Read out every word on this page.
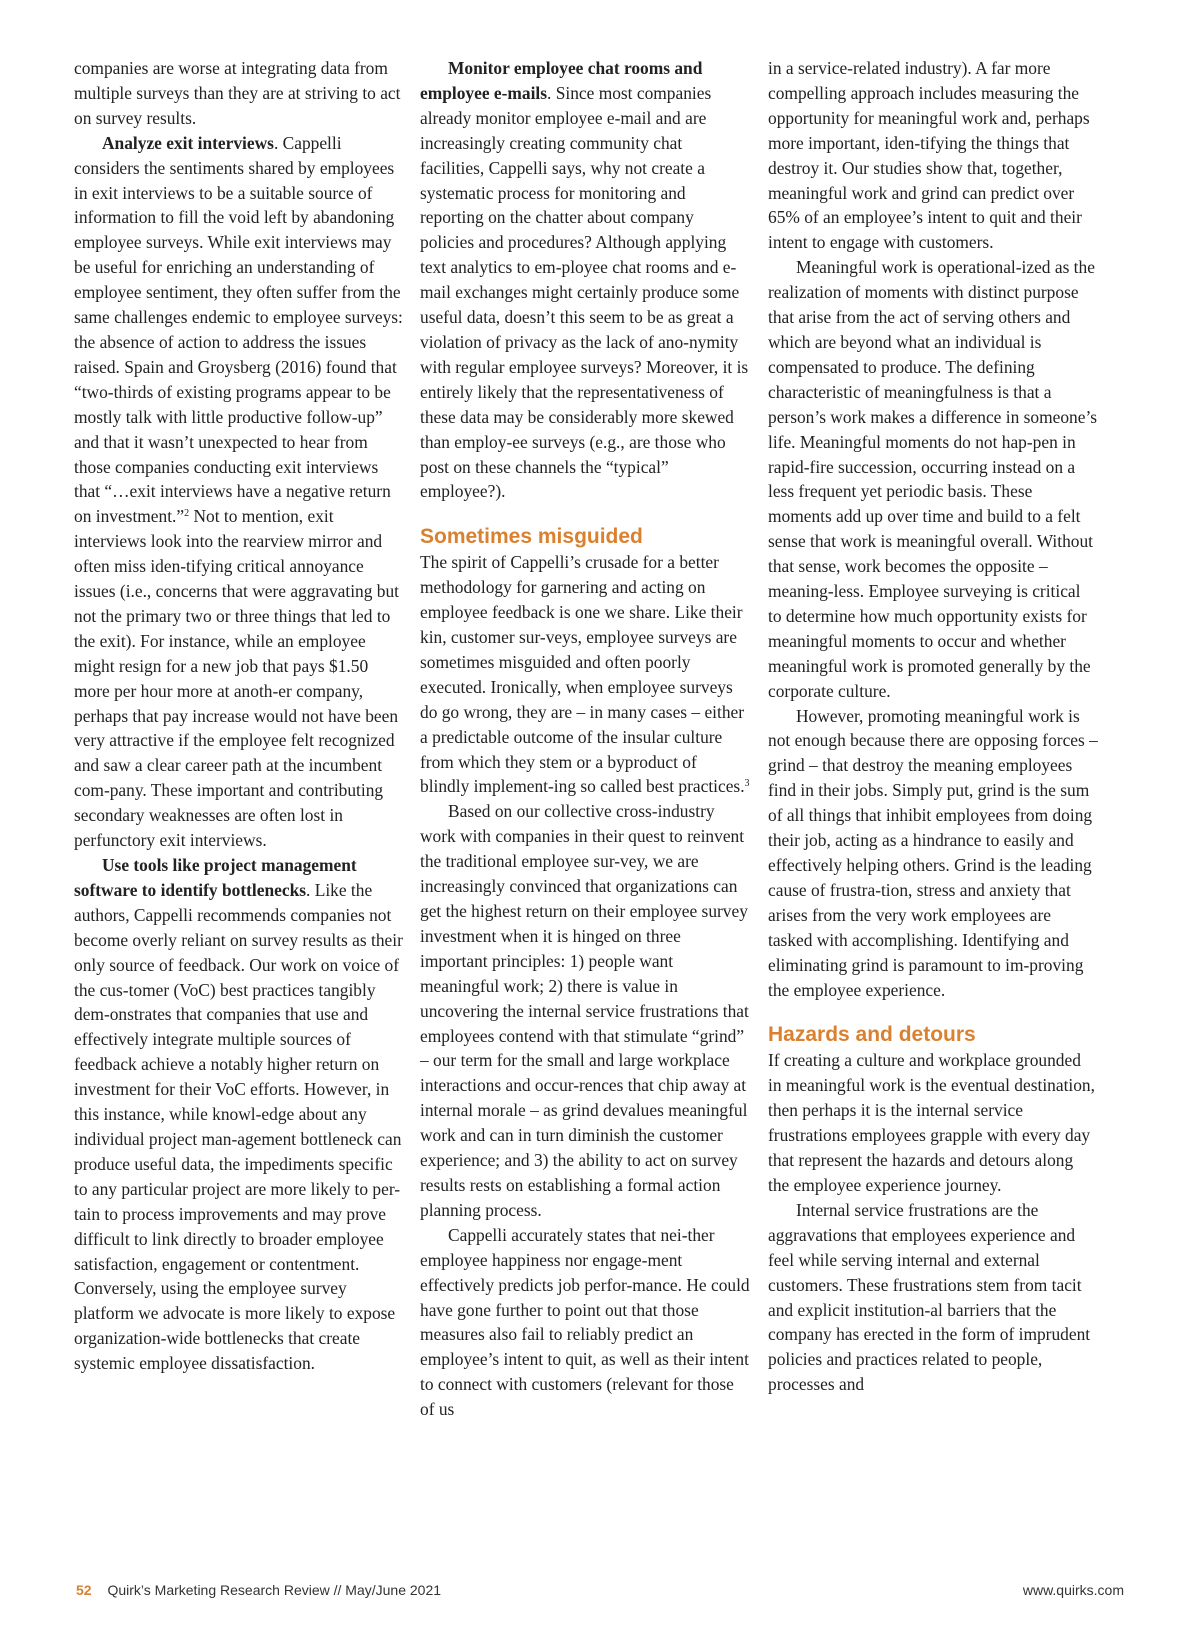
companies are worse at integrating data from multiple surveys than they are at striving to act on survey results.

Analyze exit interviews. Cappelli considers the sentiments shared by employees in exit interviews to be a suitable source of information to fill the void left by abandoning employee surveys. While exit interviews may be useful for enriching an understanding of employee sentiment, they often suffer from the same challenges endemic to employee surveys: the absence of action to address the issues raised. Spain and Groysberg (2016) found that “two-thirds of existing programs appear to be mostly talk with little productive follow-up” and that it wasn’t unexpected to hear from those companies conducting exit interviews that “…exit interviews have a negative return on investment.”$^2$ Not to mention, exit interviews look into the rearview mirror and often miss iden-tifying critical annoyance issues (i.e., concerns that were aggravating but not the primary two or three things that led to the exit). For instance, while an employee might resign for a new job that pays $1.50 more per hour more at anoth-er company, perhaps that pay increase would not have been very attractive if the employee felt recognized and saw a clear career path at the incumbent com-pany. These important and contributing secondary weaknesses are often lost in perfunctory exit interviews.

Use tools like project management software to identify bottlenecks. Like the authors, Cappelli recommends companies not become overly reliant on survey results as their only source of feedback. Our work on voice of the cus-tomer (VoC) best practices tangibly dem-onstrates that companies that use and effectively integrate multiple sources of feedback achieve a notably higher return on investment for their VoC efforts. However, in this instance, while knowl-edge about any individual project man-agement bottleneck can produce useful data, the impediments specific to any particular project are more likely to per-tain to process improvements and may prove difficult to link directly to broader employee satisfaction, engagement or contentment. Conversely, using the employee survey platform we advocate is more likely to expose organization-wide bottlenecks that create systemic employee dissatisfaction.

Monitor employee chat rooms and employee e-mails. Since most companies already monitor employee e-mail and are increasingly creating community chat facilities, Cappelli says, why not create a systematic process for monitoring and reporting on the chatter about company policies and procedures? Although applying text analytics to em-ployee chat rooms and e-mail exchanges might certainly produce some useful data, doesn’t this seem to be as great a violation of privacy as the lack of ano-nymity with regular employee surveys? Moreover, it is entirely likely that the representativeness of these data may be considerably more skewed than employ-ee surveys (e.g., are those who post on these channels the “typical” employee?).

Sometimes misguided

The spirit of Cappelli’s crusade for a better methodology for garnering and acting on employee feedback is one we share. Like their kin, customer sur-veys, employee surveys are sometimes misguided and often poorly executed. Ironically, when employee surveys do go wrong, they are – in many cases – either a predictable outcome of the insular culture from which they stem or a byproduct of blindly implement-ing so called best practices.$^3$

Based on our collective cross-industry work with companies in their quest to reinvent the traditional employee sur-vey, we are increasingly convinced that organizations can get the highest return on their employee survey investment when it is hinged on three important principles: 1) people want meaningful work; 2) there is value in uncovering the internal service frustrations that employees contend with that stimulate “grind” – our term for the small and large workplace interactions and occur-rences that chip away at internal morale – as grind devalues meaningful work and can in turn diminish the customer experience; and 3) the ability to act on survey results rests on establishing a formal action planning process.

Cappelli accurately states that nei-ther employee happiness nor engage-ment effectively predicts job perfor-mance. He could have gone further to point out that those measures also fail to reliably predict an employee’s intent to quit, as well as their intent to connect with customers (relevant for those of us

in a service-related industry). A far more compelling approach includes measuring the opportunity for meaningful work and, perhaps more important, iden-tifying the things that destroy it. Our studies show that, together, meaningful work and grind can predict over 65% of an employee’s intent to quit and their intent to engage with customers.

Meaningful work is operational-ized as the realization of moments with distinct purpose that arise from the act of serving others and which are beyond what an individual is compensated to produce. The defining characteristic of meaningfulness is that a person’s work makes a difference in someone’s life. Meaningful moments do not hap-pen in rapid-fire succession, occurring instead on a less frequent yet periodic basis. These moments add up over time and build to a felt sense that work is meaningful overall. Without that sense, work becomes the opposite – meaning-less. Employee surveying is critical to determine how much opportunity exists for meaningful moments to occur and whether meaningful work is promoted generally by the corporate culture.

However, promoting meaningful work is not enough because there are opposing forces – grind – that destroy the meaning employees find in their jobs. Simply put, grind is the sum of all things that inhibit employees from doing their job, acting as a hindrance to easily and effectively helping others. Grind is the leading cause of frustra-tion, stress and anxiety that arises from the very work employees are tasked with accomplishing. Identifying and eliminating grind is paramount to im-proving the employee experience.

Hazards and detours

If creating a culture and workplace grounded in meaningful work is the eventual destination, then perhaps it is the internal service frustrations employees grapple with every day that represent the hazards and detours along the employee experience journey.

Internal service frustrations are the aggravations that employees experience and feel while serving internal and external customers. These frustrations stem from tacit and explicit institution-al barriers that the company has erected in the form of imprudent policies and practices related to people, processes and

52 Quirk’s Marketing Research Review // May/June 2021	www.quirks.com
